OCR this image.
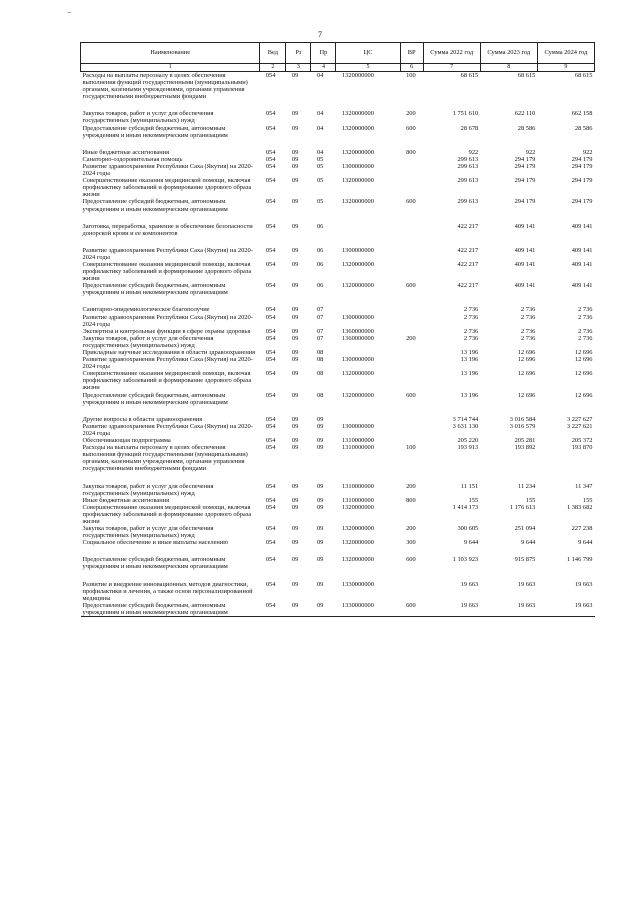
7
Наименование	Вед	Рз	Пр	ЦС	ВР	Сумма 2022 год	Сумма 2023 год	Сумма 2024 год
1	2	3	4	5	6	7	8	9
Расходы на выплаты персоналу в целях обеспечения выполнения функций государственными (муниципальными) органами, казенными учреждениями, органами управления государственными внебюджетными фондами	054	09	04	1320000000	100	68 615	68 615	68 615

Закупка товаров, работ и услуг для обеспечения государственных (муниципальных) нужд	054	09	04	1320000000	200	1 751 610	622 110	662 158
Предоставление субсидий бюджетным, автономным учреждениям и иным некоммерческим организациям	054	09	04	1320000000	600	28 678	28 586	28 586

Иные бюджетные ассигнования	054	09	04	1320000000	800	922	922	922
Санаторно-оздоровительная помощь	054	09	05			299 613	294 179	294 179
Развитие здравоохранения Республики Саха (Якутия) на 2020-2024 годы	054	09	05	1300000000		299 613	294 179	294 179
Совершенствование оказания медицинской помощи, включая профилактику заболеваний и формирование здорового образа жизни	054	09	05	1320000000		299 613	294 179	294 179
Предоставление субсидий бюджетным, автономным учреждениям и иным некоммерческим организациям	054	09	05	1320000000	600	299 613	294 179	294 179

Заготовка, переработка, хранение и обеспечение безопасности донорской крови и ее компонентов	054	09	06			422 217	409 141	409 141

Развитие здравоохранения Республики Саха (Якутия) на 2020-2024 годы	054	09	06	1300000000		422 217	409 141	409 141
Совершенствование оказания медицинской помощи, включая профилактику заболеваний и формирование здорового образа жизни	054	09	06	1320000000		422 217	409 141	409 141
Предоставление субсидий бюджетным, автономным учреждениям и иным некоммерческим организациям	054	09	06	1320000000	600	422 217	409 141	409 141

Санитарно-эпидемиологическое благополучие	054	09	07			2 736	2 736	2 736
Развитие здравоохранения Республики Саха (Якутия) на 2020-2024 годы	054	09	07	1300000000		2 736	2 736	2 736
Экспертиза и контрольные функции в сфере охраны здоровья	054	09	07	1360000000		2 736	2 736	2 736
Закупка товаров, работ и услуг для обеспечения государственных (муниципальных) нужд	054	09	07	1360000000	200	2 736	2 736	2 736
Прикладные научные исследования в области здравоохранения	054	09	08			13 196	12 696	12 696
Развитие здравоохранения Республики Саха (Якутия) на 2020-2024 годы	054	09	08	1300000000		13 196	12 696	12 696
Совершенствование оказания медицинской помощи, включая профилактику заболеваний и формирование здорового образа жизни	054	09	08	1320000000		13 196	12 696	12 696
Предоставление субсидий бюджетным, автономным учреждениям и иным некоммерческим организациям	054	09	08	1320000000	600	13 196	12 696	12 696

Другие вопросы в области здравоохранения	054	09	09			3 714 744	3 016 584	3 227 627
Развитие здравоохранения Республики Саха (Якутия) на 2020-2024 годы	054	09	09	1300000000		3 631 130	3 016 579	3 227 621
Обеспечивающая подпрограмма	054	09	09	1310000000		205 220	205 281	205 372
Расходы на выплаты персоналу в целях обеспечения выполнения функций государственными (муниципальными) органами, казенными учреждениями, органами управления государственными внебюджетными фондами	054	09	09	1310000000	100	193 913	193 892	193 870

Закупка товаров, работ и услуг для обеспечения государственных (муниципальных) нужд	054	09	09	1310000000	200	11 151	11 234	11 347
Иные бюджетные ассигнования	054	09	09	1310000000	800	155	155	155
Совершенствование оказания медицинской помощи, включая профилактику заболеваний и формирование здорового образа жизни	054	09	09	1320000000		1 414 173	1 176 613	1 383 682
Закупка товаров, работ и услуг для обеспечения государственных (муниципальных) нужд	054	09	09	1320000000	200	300 605	251 094	227 238
Социальное обеспечение и иные выплаты населению	054	09	09	1320000000	300	9 644	9 644	9 644

Предоставление субсидий бюджетным, автономным учреждениям и иным некоммерческим организациям	054	09	09	1320000000	600	1 103 923	915 875	1 146 799

Развитие и внедрение инновационных методов диагностики, профилактики и лечения, а также основ персонализированной медицины	054	09	09	1330000000		19 663	19 663	19 663
Предоставление субсидий бюджетным, автономным учреждениям и иным некоммерческим организациям	054	09	09	1330000000	600	19 663	19 663	19 663
